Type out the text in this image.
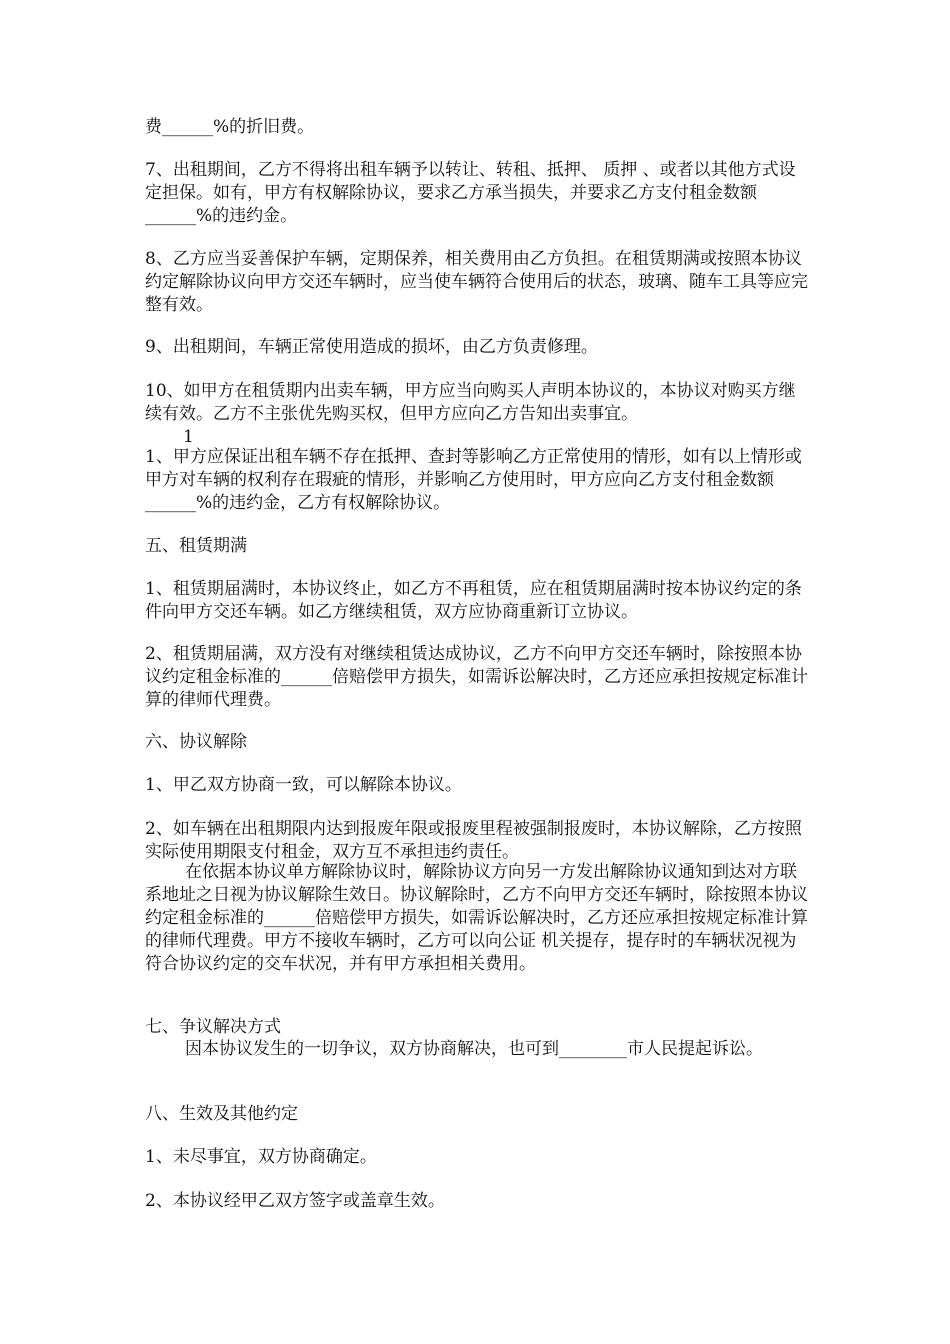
费______%的折旧费。

7、出租期间，乙方不得将出租车辆予以转让、转租、抵押、 质押 、或者以其他方式设定担保。如有，甲方有权解除协议，要求乙方承当损失，并要求乙方支付租金数额______%的违约金。

8、乙方应当妥善保护车辆，定期保养，相关费用由乙方负担。在租赁期满或按照本协议约定解除协议向甲方交还车辆时，应当使车辆符合使用后的状态，玻璃、随车工具等应完整有效。

9、出租期间，车辆正常使用造成的损坏，由乙方负责修理。

10、如甲方在租赁期内出卖车辆，甲方应当向购买人声明本协议的，本协议对购买方继续有效。乙方不主张优先购买权，但甲方应向乙方告知出卖事宜。

1

1、甲方应保证出租车辆不存在抵押、查封等影响乙方正常使用的情形，如有以上情形或甲方对车辆的权利存在瑕疵的情形，并影响乙方使用时，甲方应向乙方支付租金数额______%的违约金，乙方有权解除协议。

五、租赁期满

1、租赁期届满时，本协议终止，如乙方不再租赁，应在租赁期届满时按本协议约定的条件向甲方交还车辆。如乙方继续租赁，双方应协商重新订立协议。

2、租赁期届满，双方没有对继续租赁达成协议，乙方不向甲方交还车辆时，除按照本协议约定租金标准的______倍赔偿甲方损失，如需诉讼解决时，乙方还应承担按规定标准计算的律师代理费。

六、协议解除

1、甲乙双方协商一致，可以解除本协议。

2、如车辆在出租期限内达到报废年限或报废里程被强制报废时，本协议解除，乙方按照实际使用期限支付租金，双方互不承担违约责任。

在依据本协议单方解除协议时，解除协议方向另一方发出解除协议通知到达对方联系地址之日视为协议解除生效日。协议解除时，乙方不向甲方交还车辆时，除按照本协议约定租金标准的______倍赔偿甲方损失，如需诉讼解决时，乙方还应承担按规定标准计算的律师代理费。甲方不接收车辆时，乙方可以向公证 机关提存，提存时的车辆状况视为符合协议约定的交车状况，并有甲方承担相关费用。

七、争议解决方式

因本协议发生的一切争议，双方协商解决，也可到________市人民提起诉讼。

八、生效及其他约定

1、未尽事宜，双方协商确定。

2、本协议经甲乙双方签字或盖章生效。
